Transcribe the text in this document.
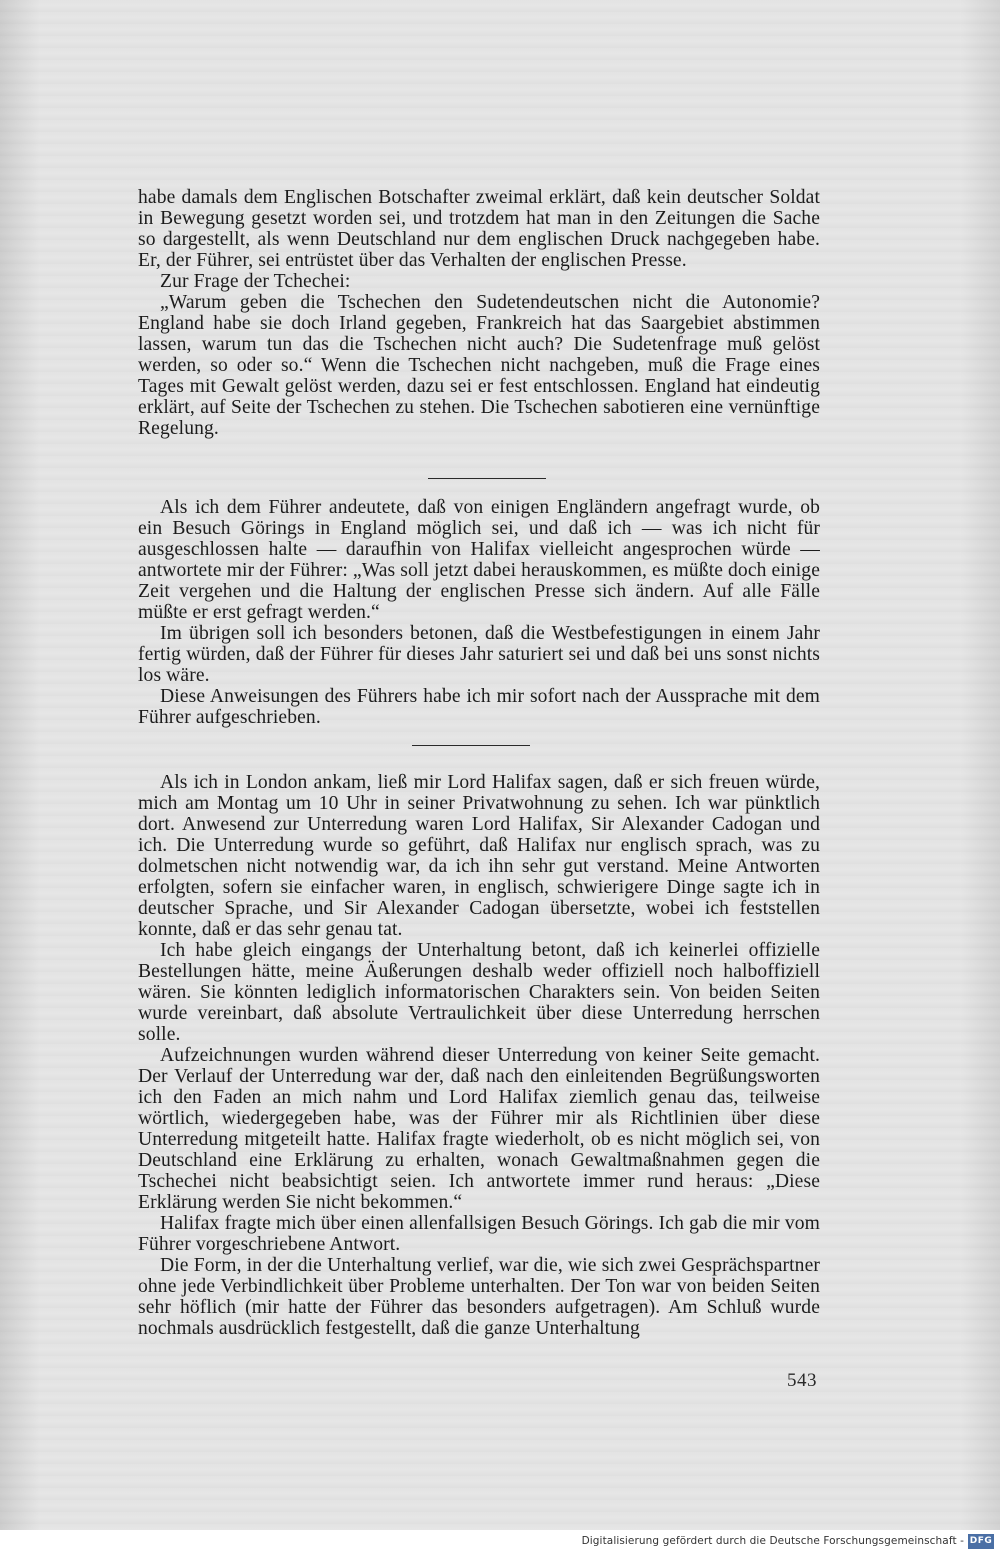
habe damals dem Englischen Botschafter zweimal erklärt, daß kein deutscher Soldat in Bewegung gesetzt worden sei, und trotzdem hat man in den Zeitungen die Sache so dargestellt, als wenn Deutschland nur dem englischen Druck nachgegeben habe. Er, der Führer, sei entrüstet über das Verhalten der englischen Presse.

Zur Frage der Tchechei:

„Warum geben die Tschechen den Sudetendeutschen nicht die Autonomie? England habe sie doch Irland gegeben, Frankreich hat das Saargebiet abstimmen lassen, warum tun das die Tschechen nicht auch? Die Sudetenfrage muß gelöst werden, so oder so.“ Wenn die Tschechen nicht nachgeben, muß die Frage eines Tages mit Gewalt gelöst werden, dazu sei er fest entschlossen. England hat eindeutig erklärt, auf Seite der Tschechen zu stehen. Die Tschechen sabotieren eine vernünftige Regelung.

Als ich dem Führer andeutete, daß von einigen Engländern angefragt wurde, ob ein Besuch Görings in England möglich sei, und daß ich — was ich nicht für ausgeschlossen halte — daraufhin von Halifax vielleicht angesprochen würde — antwortete mir der Führer: „Was soll jetzt dabei herauskommen, es müßte doch einige Zeit vergehen und die Haltung der englischen Presse sich ändern. Auf alle Fälle müßte er erst gefragt werden.“

Im übrigen soll ich besonders betonen, daß die Westbefestigungen in einem Jahr fertig würden, daß der Führer für dieses Jahr saturiert sei und daß bei uns sonst nichts los wäre.

Diese Anweisungen des Führers habe ich mir sofort nach der Aussprache mit dem Führer aufgeschrieben.

Als ich in London ankam, ließ mir Lord Halifax sagen, daß er sich freuen würde, mich am Montag um 10 Uhr in seiner Privatwohnung zu sehen. Ich war pünktlich dort. Anwesend zur Unterredung waren Lord Halifax, Sir Alexander Cadogan und ich. Die Unterredung wurde so geführt, daß Halifax nur englisch sprach, was zu dolmetschen nicht notwendig war, da ich ihn sehr gut verstand. Meine Antworten erfolgten, sofern sie einfacher waren, in englisch, schwierigere Dinge sagte ich in deutscher Sprache, und Sir Alexander Cadogan übersetzte, wobei ich feststellen konnte, daß er das sehr genau tat.

Ich habe gleich eingangs der Unterhaltung betont, daß ich keinerlei offizielle Bestellungen hätte, meine Äußerungen deshalb weder offiziell noch halboffiziell wären. Sie könnten lediglich informatorischen Charakters sein. Von beiden Seiten wurde vereinbart, daß absolute Vertraulichkeit über diese Unterredung herrschen solle.

Aufzeichnungen wurden während dieser Unterredung von keiner Seite gemacht. Der Verlauf der Unterredung war der, daß nach den einleitenden Begrüßungsworten ich den Faden an mich nahm und Lord Halifax ziemlich genau das, teilweise wörtlich, wiedergegeben habe, was der Führer mir als Richtlinien über diese Unterredung mitgeteilt hatte. Halifax fragte wiederholt, ob es nicht möglich sei, von Deutschland eine Erklärung zu erhalten, wonach Gewaltmaßnahmen gegen die Tschechei nicht beabsichtigt seien. Ich antwortete immer rund heraus: „Diese Erklärung werden Sie nicht bekommen.“

Halifax fragte mich über einen allenfallsigen Besuch Görings. Ich gab die mir vom Führer vorgeschriebene Antwort.

Die Form, in der die Unterhaltung verlief, war die, wie sich zwei Gesprächspartner ohne jede Verbindlichkeit über Probleme unterhalten. Der Ton war von beiden Seiten sehr höflich (mir hatte der Führer das besonders aufgetragen). Am Schluß wurde nochmals ausdrücklich festgestellt, daß die ganze Unterhaltung

543
Digitalisierung gefördert durch die Deutsche Forschungsgemeinschaft - DFG
